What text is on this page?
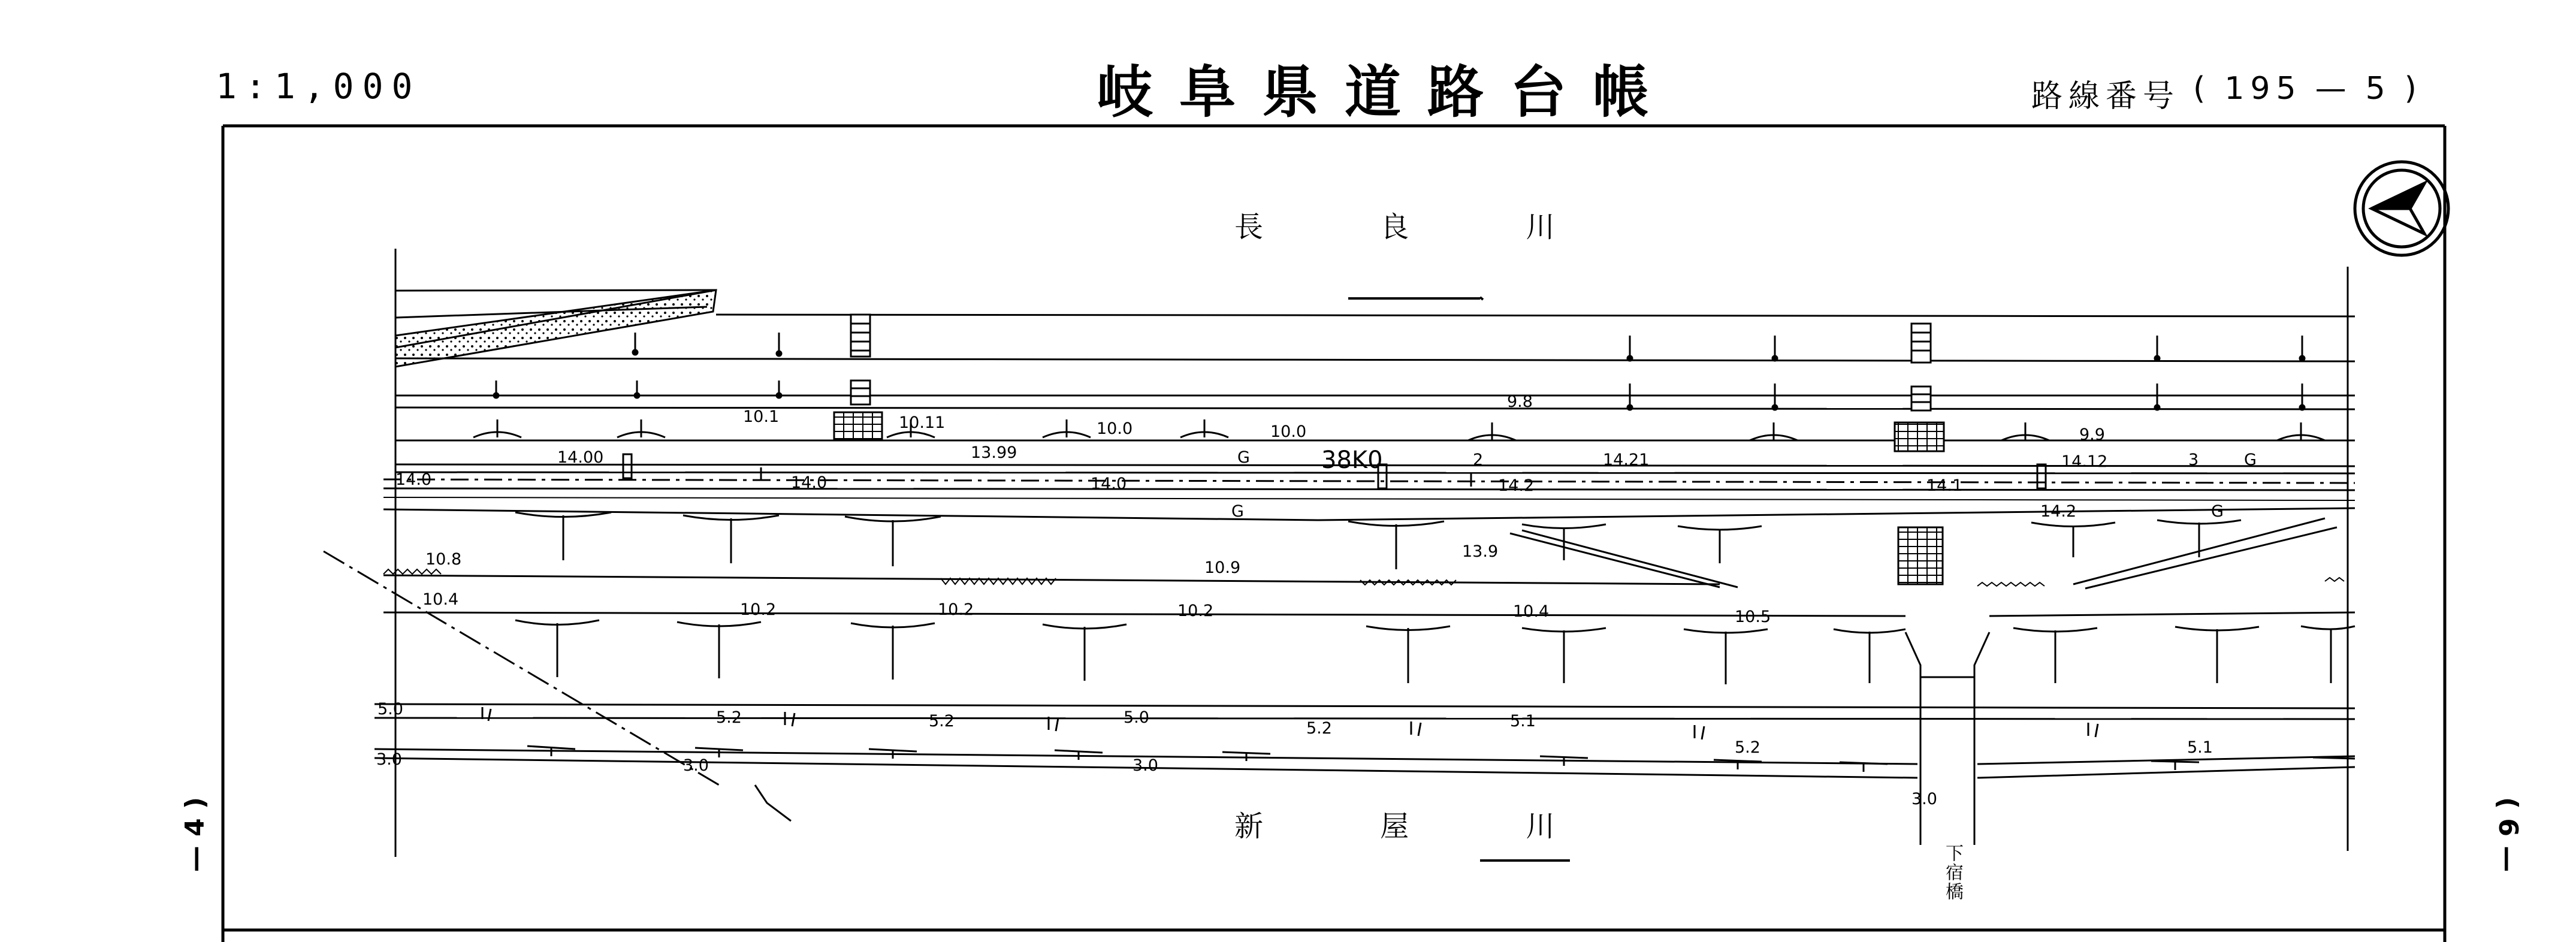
1:1,000	岐阜県道路台帳	路線番号 ( 195 — 5 )
長 良 川
新 屋 川
— 4 )	( 6 —
下宿橋
38K0
10.1	10.11	10.0	10.0
9.8
9.9
14.00	13.99	14.21	14.12
14.0	14.0	14.0	14.2	14.1
G	G
G	G
2	3
10.8	10.9
13.9
14.2
10.4
10.2	10.2	10.2	10.4	10.5
5.0	5.2	5.2	5.0
5.2	5.1
5.2	5.1
3.0	3.0	3.0
3.0
